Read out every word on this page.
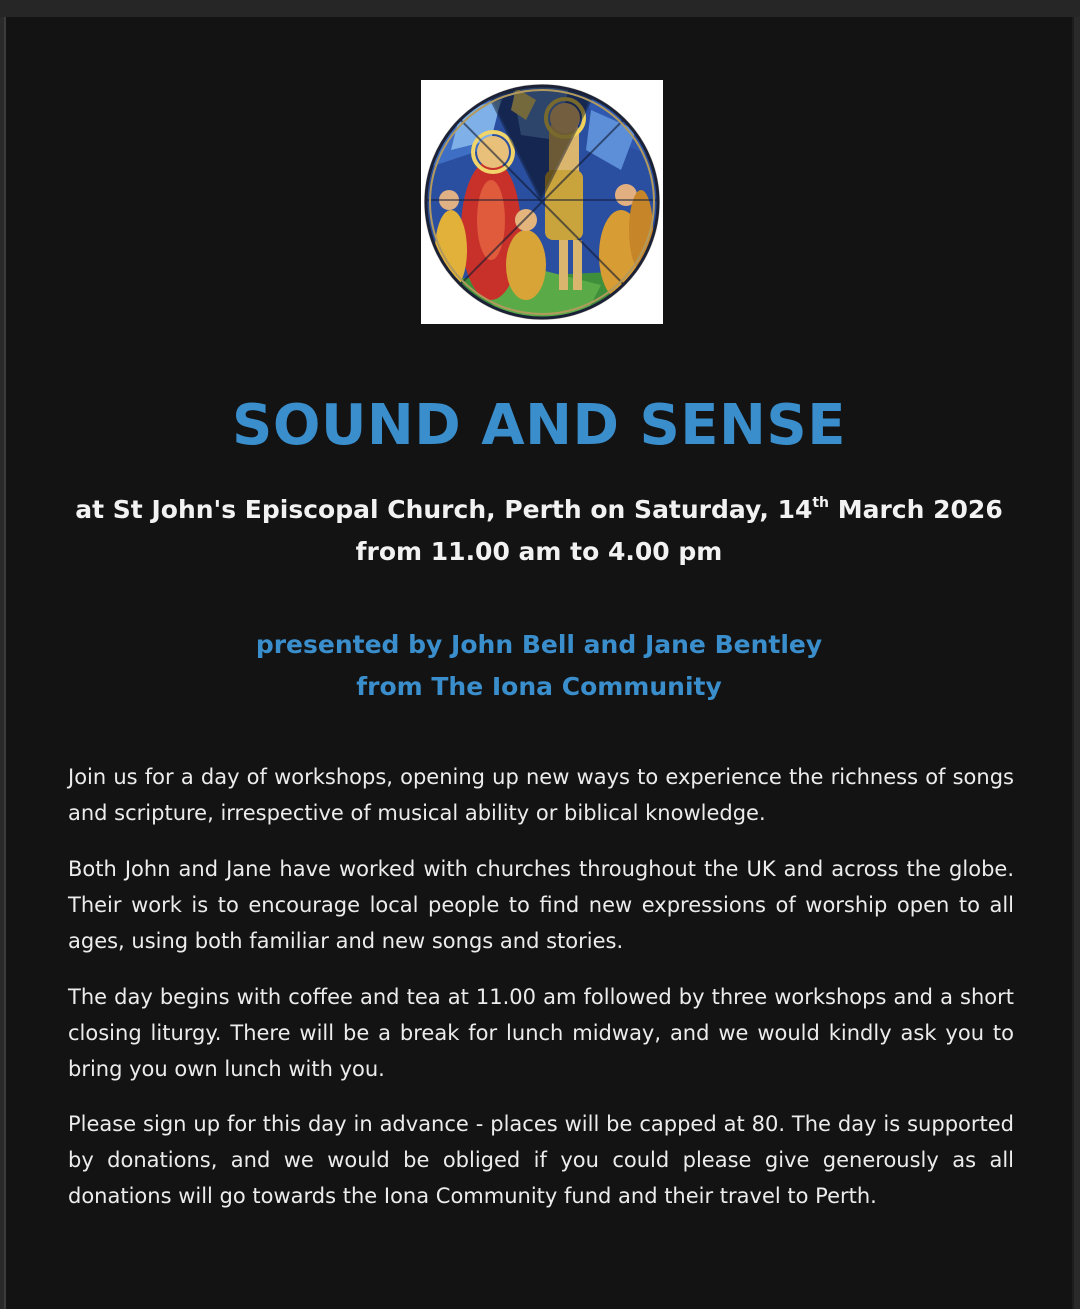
SOUND AND SENSE

at St John's Episcopal Church, Perth on Saturday, 14th March 2026

from 11.00 am to 4.00 pm

presented by John Bell and Jane Bentley

from The Iona Community

Join us for a day of workshops, opening up new ways to experience the richness of songs and scripture, irrespective of musical ability or biblical knowledge.

Both John and Jane have worked with churches throughout the UK and across the globe. Their work is to encourage local people to find new expressions of worship open to all ages, using both familiar and new songs and stories.

The day begins with coffee and tea at 11.00 am followed by three workshops and a short closing liturgy. There will be a break for lunch midway, and we would kindly ask you to bring you own lunch with you.

Please sign up for this day in advance - places will be capped at 80. The day is supported by donations, and we would be obliged if you could please give generously as all donations will go towards the Iona Community fund and their travel to Perth.
